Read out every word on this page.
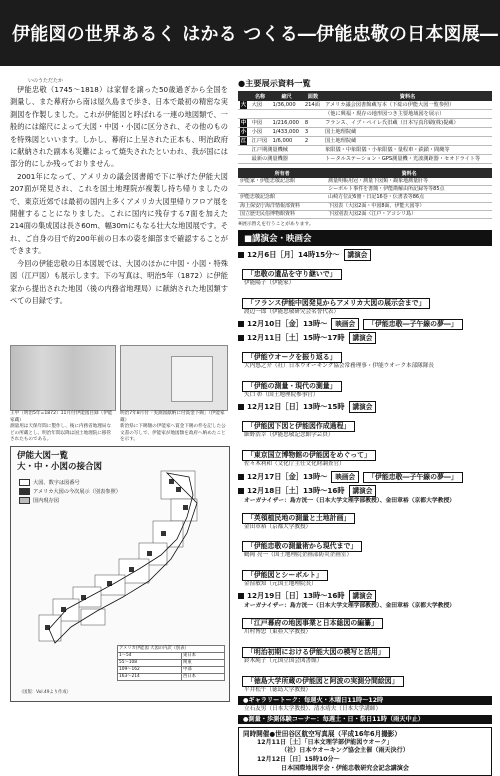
伊能図の世界あるく はかる つくる―伊能忠敬の日本図展―
いのうただたか

伊能忠敬（1745～1818）は家督を譲った50歳過ぎから全国を測量し、また幕府から南は屋久島まで歩き、日本で最初の精密な実測図を作製しました。これが伊能図と呼ばれる一連の地図類で、一般的には縮尺によって大図・中図・小図に区分され、その他のものを特殊図といいます。しかし、幕府に上呈された正本も、明治政府に献納された副本も災難によって焼失されたといわれ、我が国には部分的にしか残っておりません。

2001年になって、アメリカの議会図書館で下に挙げた伊能大図207面が発見され、これを国土地理院が複製し持ち帰りましたので、東京近郊では最初の国内上多くアメリカ大図里帰りフロア展を開催することになりました。これに国内に残存する7面を加えた214面の集成図は長さ60m、幅30mにもなる壮大な地図展です。それ、ご自身の目で約200年前の日本の姿を細部まで確認することができます。

今回の伊能忠敬の日本図展では、大図のほかに中図・小図・特殊図（江戸図）も展示します。下の写真は、明治5年（1872）に伊能家から提出された地図（後の内務省地理局）に献納された地図類すべての目録です。

王甲（明治5年=1872）11月付伊能図目録（伊能家蔵）
測量用は天保年間に製作し、後に内務省地理局などの所蔵とし、明治年間以降は国土地理院に移管されたものである。
明治7年8月付「実測図献納に付賞金下賜」（伊能家蔵）
新治県に下賜額の伊能家へ賞金下賜の件を記した公文書の写しで、伊能家が地図類を政府へ納めたことを示す。
伊能大図一覧
大・中・小図の接合図
大図、数字は図番号
アメリカ大図の今次展示（別表参照）
国内現存図
アメリカ伊能図 大図の内訳（別表）	
1～54	東日本
55～108	関東
109～162	中部
163～214	西日本
（図版：Vol.49より作成）
●主要展示資料一覧
	名称	縮尺	面数	資料名
大	大図	1/36,000	214面	アメリカ議会図書館蔵写本（下総の伊能大図一覧参照）
				（他に興福・現存の地形図つき主要地域図を展示）
中	中図	1/216,000	8	フランス、イブ・ペイレ氏旧蔵（日本写真印刷(株)提蔵）
小	小図	1/433,000	3	国土地理院蔵
江	江戸図	1/6,000	2	国土地理院蔵
	江戸期測量機械			象限儀・中象限儀・小象限儀・量程車・鉄鎖・間縄等
	最新の測量機器			トータルステーション・GPS測量機・光波測距器・セオドライト等
所有者	資料名
伊能家・伊能忠敬記念館	測量明帳用冠・測量下図類・観象地測量肝等
	シーボルト事件を書簡・伊能勘解由所記録等等85点
伊能忠敬記念館	山崎方位記6冊・日記16巻・伝書表等86点
海上保安庁海洋情報部資料	下図表（大図2面・中図8面、伊能大図等）
国立歴史民俗博物館資料	下図別表大図2面（江戸・アコシリ島）
※展示替えを行うことがあります。
■講演会・映画会
12月6日［月］14時15分～ 講演会
「忠敬の遺品を守り継いで」
伊能陽子（伊能家）
「フランス伊能中図発見からアメリカ大図の展示会まで」
渡辺一郎（伊能忠敬研究会名誉代表）
12月10日［金］13時～ 映画会 「伊能忠敬―子午線の夢―」
12月11日［土］15時～17時 講演会
「伊能ウオークを振り返る」
大内悠之介（社）日本ウオーキング協会常務理事・伊能ウオーク本部隊隊長
「伊能の測量・現代の測量」
矢口 彰（国土地理院参事官）
12月12日［日］13時～15時 講演会
「伊能図下図と伊能図作成過程」
細野浩幸（伊能忠敬記念館学芸員）
「東京国立博物館の伊能図をめぐって」
佐々木利和（文化庁主任文化財調査官）
12月17日［金］13時～ 映画会 「伊能忠敬―子午線の夢―」
12月18日［土］13時～16時 講演会
オーガナイザー：島方洸一（日本大学文理学部教授）、金田章裕（京都大学教授）
「英領植民地の測量と土地計画」
金田章裕（京都大学教授）
「伊能忠敬の測量術から現代まで」
鶴岡 亮一（国土地理院企画部防災企画室）
「伊能図とシーボルト」
金窪敏知（元国土地理院長）
12月19日［日］13時～16時 講演会
オーガナイザー：島方洸一（日本大学文理学部教授）、金田章裕（京都大学教授）
「江戸幕府の地図事業と日本総図の編纂」
川村博忠（東亜大学教授）
「明治初期における伊能大図の模写と活用」
鈴木純子（元国立国会図書館）
「徳島大学所蔵の伊能図と阿波の実測分間絵図」
平井松午（徳島大学教授）
●ギャラリートーク：毎週火・木曜日11時～12時
立石友男（日本大学教授）、清水靖夫（日本大学講師）
●測量・歩測体験コーナー：毎週土・日・祭日11時（雨天中止）
同時開催●世田谷区航空写真展（平成16年6月撮影）
12月11日［土］「日本文理学部伊能図ウオーク」
（社）日本ウオーキング協会主催（雨天決行）
12月12日［日］15時10分～
日本国際地図学会・伊能忠敬研究会記念講演会
